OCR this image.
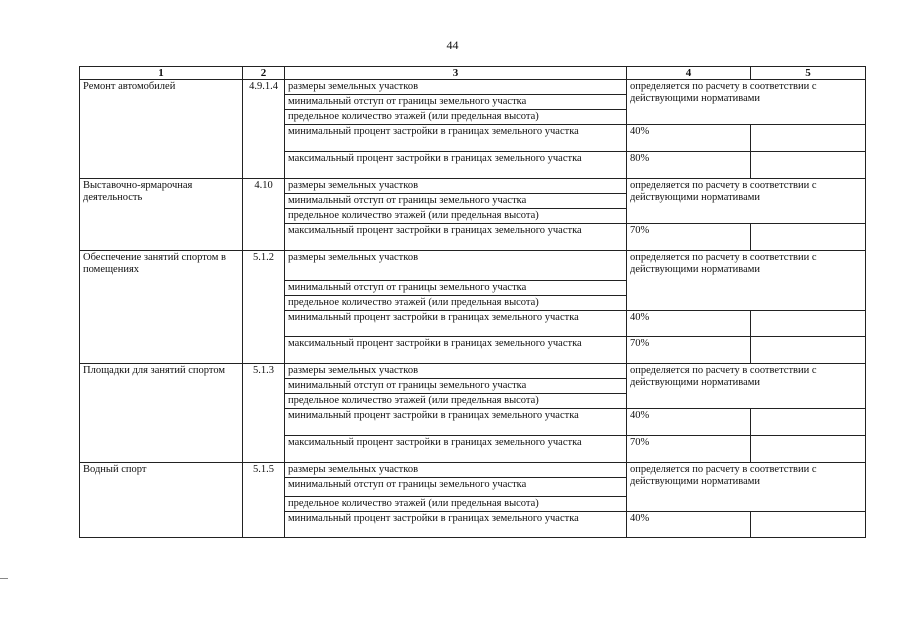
44
1	2	3	4	5
Ремонт автомобилей	4.9.1.4	размеры земельных участков	определяется по расчету в соответствии с действующими нормативами	
		минимальный отступ от границы земельного участка		
		предельное количество этажей (или предельная высота)		
		минимальный процент застройки в границах земельного участка	40%	
		максимальный процент застройки в границах земельного участка	80%	
Выставочно-ярмарочная деятельность	4.10	размеры земельных участков	определяется по расчету в соответствии с действующими нормативами	
		минимальный отступ от границы земельного участка		
		предельное количество этажей (или предельная высота)		
		максимальный процент застройки в границах земельного участка	70%	
Обеспечение занятий спортом в помещениях	5.1.2	размеры земельных участков	определяется по расчету в соответствии с действующими нормативами	
		минимальный отступ от границы земельного участка		
		предельное количество этажей (или предельная высота)		
		минимальный процент застройки в границах земельного участка	40%	
		максимальный процент застройки в границах земельного участка	70%	
Площадки для занятий спортом	5.1.3	размеры земельных участков	определяется по расчету в соответствии с действующими нормативами	
		минимальный отступ от границы земельного участка		
		предельное количество этажей (или предельная высота)		
		минимальный процент застройки в границах земельного участка	40%	
		максимальный процент застройки в границах земельного участка	70%	
Водный спорт	5.1.5	размеры земельных участков	определяется по расчету в соответствии с действующими нормативами	
		минимальный отступ от границы земельного участка		
		предельное количество этажей (или предельная высота)		
		минимальный процент застройки в границах земельного участка	40%	
